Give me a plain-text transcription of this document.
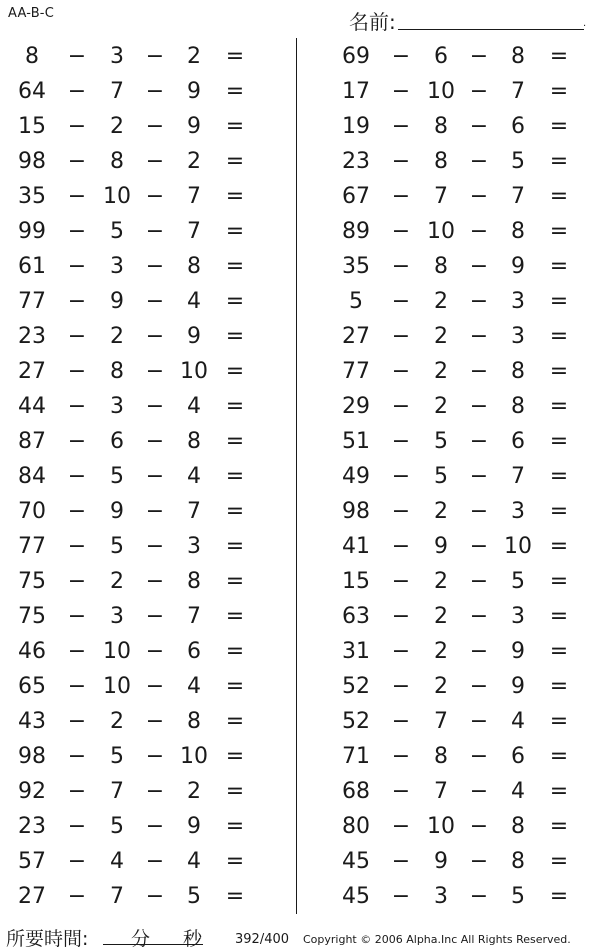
AA-B-C	名前:	.
8	−	3 −	2	=
64 −	7 −	9	=
15 −	2 −	9	=
98 −	8 −	2	=
35 − 10 −	7	=
99 −	5 −	7	=
61 −	3 −	8	=
77 −	9 −	4	=
23 −	2 −	9	=
27 −	8 − 10 =
44 −	3 −	4	=
87 −	6 −	8	=
84 −	5 −	4	=
70 −	9 −	7	=
77 −	5 −	3	=
75 −	2 −	8	=
75 −	3 −	7	=
46 − 10 −	6	=
65 − 10 −	4	=
43 −	2 −	8	=
98 −	5 − 10 =
92 −	7 −	2	=
23 −	5 −	9	=
57 −	4 −	4	=
27 −	7 −	5	=
69 −	6 −	8	=
17 − 10 −	7	=
19 −	8 −	6	=
23 −	8 −	5	=
67 −	7 −	7	=
89 − 10 −	8	=
35 −	8 −	9	=
5	−	2 −	3	=
27 −	2 −	3	=
77 −	2 −	8	=
29 −	2 −	8	=
51 −	5 −	6	=
49 −	5 −	7	=
98 −	2 −	3	=
41 −	9 − 10 =
15 −	2 −	5	=
63 −	2 −	3	=
31 −	2 −	9	=
52 −	2 −	9	=
52 −	7 −	4	=
71 −	8 −	6	=
68 −	7 −	4	=
80 − 10 −	8	=
45 −	9 −	8	=
45 −	3 −	5	=
所要時間: 分 秒	392/400 Copyright © 2006 Alpha.Inc All Rights Reserved.
